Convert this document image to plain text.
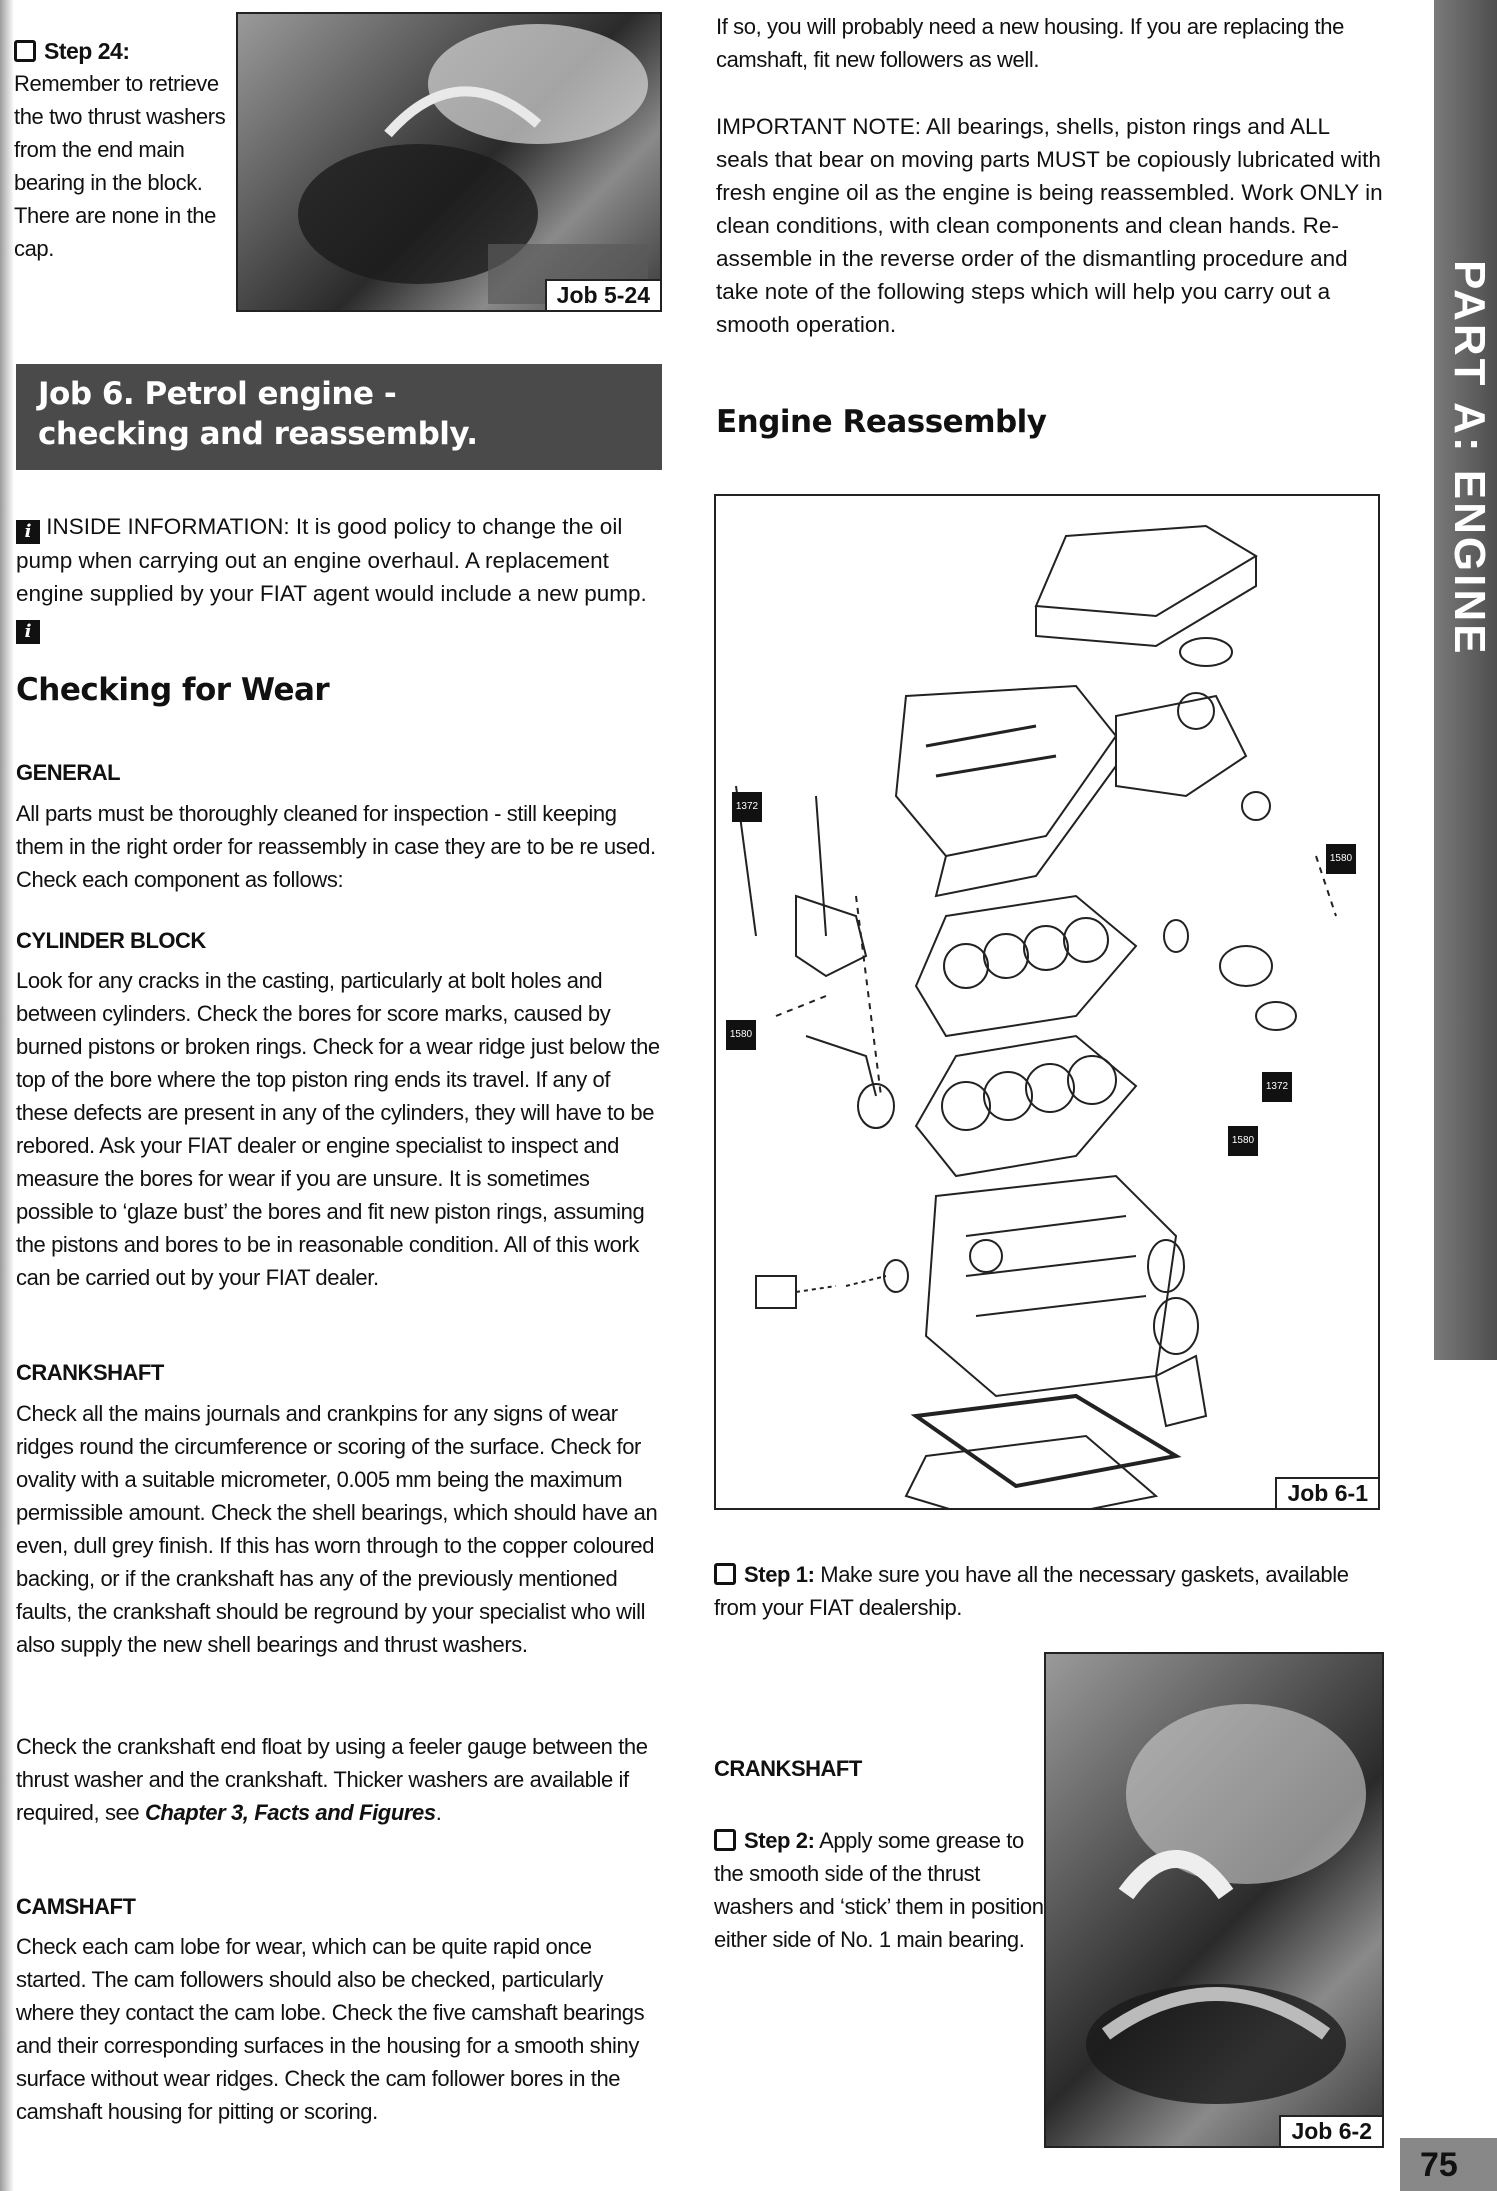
Step 24:
Remember to retrieve the two thrust washers from the end main bearing in the block. There are none in the cap.
Job 5-24
Job 6. Petrol engine -
checking and reassembly.
i INSIDE INFORMATION: It is good policy to change the oil pump when carrying out an engine overhaul. A replacement engine supplied by your FIAT agent would include a new pump. i
Checking for Wear
GENERAL
All parts must be thoroughly cleaned for inspection - still keeping them in the right order for reassembly in case they are to be re used. Check each component as follows:
CYLINDER BLOCK
Look for any cracks in the casting, particularly at bolt holes and between cylinders. Check the bores for score marks, caused by burned pistons or broken rings. Check for a wear ridge just below the top of the bore where the top piston ring ends its travel. If any of these defects are present in any of the cylinders, they will have to be rebored. Ask your FIAT dealer or engine specialist to inspect and measure the bores for wear if you are unsure. It is sometimes possible to ‘glaze bust’ the bores and fit new piston rings, assuming the pistons and bores to be in reasonable condition. All of this work can be carried out by your FIAT dealer.
CRANKSHAFT
Check all the mains journals and crankpins for any signs of wear ridges round the circumference or scoring of the surface. Check for ovality with a suitable micrometer, 0.005 mm being the maximum permissible amount. Check the shell bearings, which should have an even, dull grey finish. If this has worn through to the copper coloured backing, or if the crankshaft has any of the previously mentioned faults, the crankshaft should be reground by your specialist who will also supply the new shell bearings and thrust washers.
Check the crankshaft end float by using a feeler gauge between the thrust washer and the crankshaft. Thicker washers are available if required, see Chapter 3, Facts and Figures.
CAMSHAFT
Check each cam lobe for wear, which can be quite rapid once started. The cam followers should also be checked, particularly where they contact the cam lobe. Check the five camshaft bearings and their corresponding surfaces in the housing for a smooth shiny surface without wear ridges. Check the cam follower bores in the camshaft housing for pitting or scoring.
If so, you will probably need a new housing. If you are replacing the camshaft, fit new followers as well.
IMPORTANT NOTE: All bearings, shells, piston rings and ALL seals that bear on moving parts MUST be copiously lubricated with fresh engine oil as the engine is being reassembled. Work ONLY in clean conditions, with clean components and clean hands. Re-assemble in the reverse order of the dismantling procedure and take note of the following steps which will help you carry out a smooth operation.
Engine Reassembly
1372
1580
1580
1372
1580
Job 6-1
Step 1: Make sure you have all the necessary gaskets, available from your FIAT dealership.
CRANKSHAFT
Step 2: Apply some grease to the smooth side of the thrust washers and ‘stick’ them in position either side of No. 1 main bearing.
Job 6-2
PART A: ENGINE
75
